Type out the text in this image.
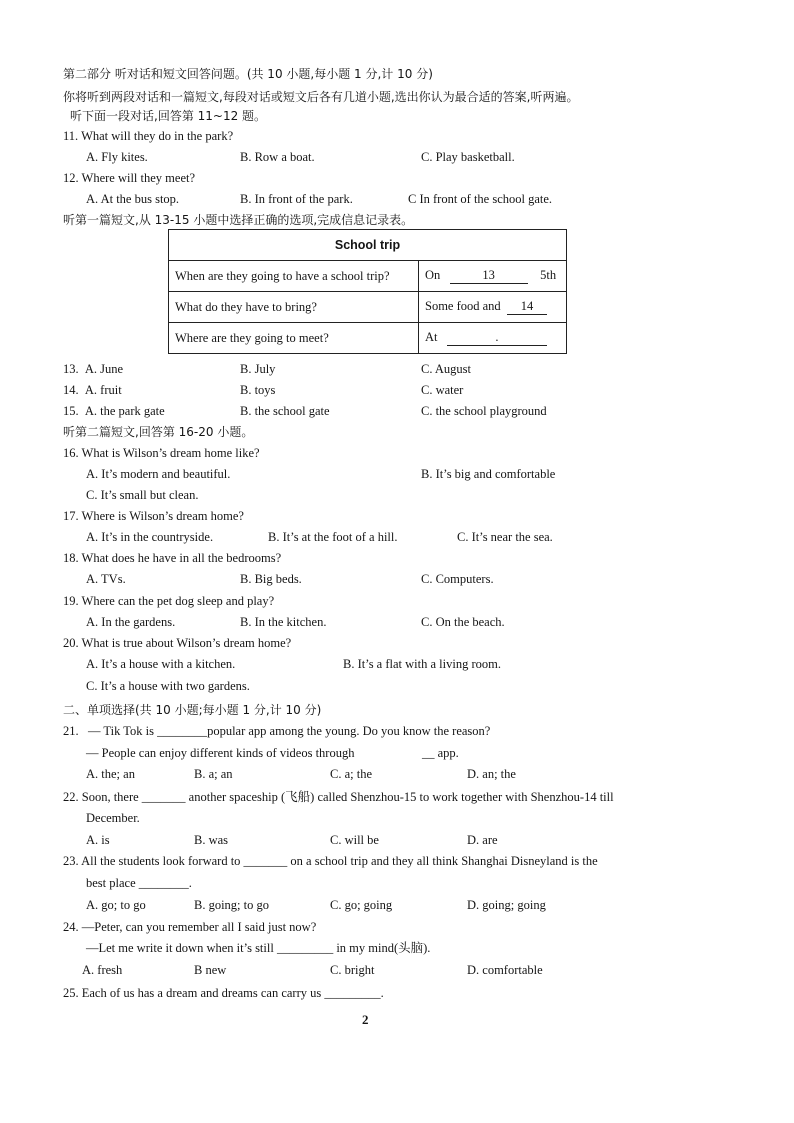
第二部分 听对话和短文回答问题。(共 10 小题,每小题 1 分,计 10 分)
你将听到两段对话和一篇短文,每段对话或短文后各有几道小题,选出你认为最合适的答案,听两遍。
听下面一段对话,回答第 11~12 题。
11. What will they do in the park?
A. Fly kites.	B. Row a boat.	C. Play basketball.
12. Where will they meet?
A. At the bus stop.	B. In front of the park.	C In front of the school gate.
听第一篇短文,从 13-15 小题中选择正确的选项,完成信息记录表。
School trip	
When are they going to have a school trip?	On 13 5th
What do they have to bring?	Some food and 14
Where are they going to meet?	At .
13. A. June	B. July	C. August
14. A. fruit	B. toys	C. water
15. A. the park gate	B. the school gate	C. the school playground
听第二篇短文,回答第 16-20 小题。
16. What is Wilson’s dream home like?
A. It’s modern and beautiful.	B. It’s big and comfortable
C. It’s small but clean.
17. Where is Wilson’s dream home?
A. It’s in the countryside.	B. It’s at the foot of a hill.	C. It’s near the sea.
18. What does he have in all the bedrooms?
A. TVs.	B. Big beds.	C. Computers.
19. Where can the pet dog sleep and play?
A. In the gardens.	B. In the kitchen.	C. On the beach.
20. What is true about Wilson’s dream home?
A. It’s a house with a kitchen.	B. It’s a flat with a living room.
C. It’s a house with two gardens.
二、单项选择(共 10 小题;每小题 1 分,计 10 分)
21. — Tik Tok is ________popular app among the young. Do you know the reason?
— People can enjoy different kinds of videos through	__ app.
A. the; an	B. a; an	C. a; the	D. an; the
22. Soon, there _______ another spaceship (飞船) called Shenzhou-15 to work together with Shenzhou-14 till
December.
A. is	B. was	C. will be	D. are
23. All the students look forward to _______ on a school trip and they all think Shanghai Disneyland is the
best place ________.
A. go; to go	B. going; to go	C. go; going	D. going; going
24. —Peter, can you remember all I said just now?
—Let me write it down when it’s still _________ in my mind(头脑).
A. fresh	B new	C. bright	D. comfortable
25. Each of us has a dream and dreams can carry us _________.
2
